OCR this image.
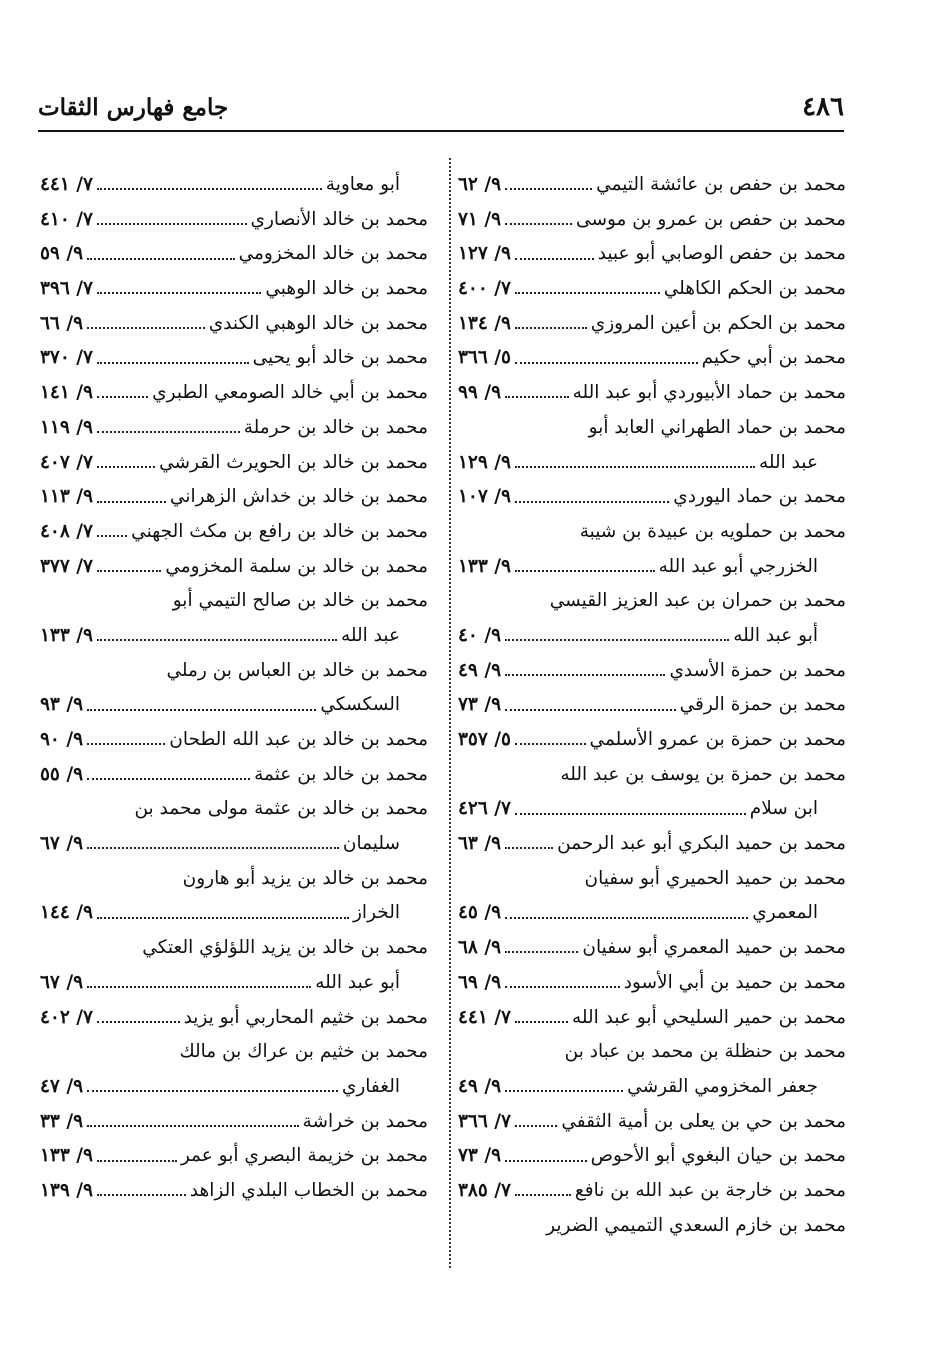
٤٨٦
جامع فهارس الثقات
محمد بن حفص بن عائشة التيمي
٩/ ٦٢
محمد بن حفص بن عمرو بن موسى
٩/ ٧١
محمد بن حفص الوصابي أبو عبيد
٩/ ١٢٧
محمد بن الحكم الكاهلي
٧/ ٤٠٠
محمد بن الحكم بن أعين المروزي
٩/ ١٣٤
محمد بن أبي حكيم
٥/ ٣٦٦
محمد بن حماد الأبيوردي أبو عبد الله
٩/ ٩٩
محمد بن حماد الطهراني العابد أبو
عبد الله
٩/ ١٢٩
محمد بن حماد اليوردي
٩/ ١٠٧
محمد بن حملويه بن عبيدة بن شيبة
الخزرجي أبو عبد الله
٩/ ١٣٣
محمد بن حمران بن عبد العزيز القيسي
أبو عبد الله
٩/ ٤٠
محمد بن حمزة الأسدي
٩/ ٤٩
محمد بن حمزة الرقي
٩/ ٧٣
محمد بن حمزة بن عمرو الأسلمي
٥/ ٣٥٧
محمد بن حمزة بن يوسف بن عبد الله
ابن سلام
٧/ ٤٢٦
محمد بن حميد البكري أبو عبد الرحمن
٩/ ٦٣
محمد بن حميد الحميري أبو سفيان
المعمري
٩/ ٤٥
محمد بن حميد المعمري أبو سفيان
٩/ ٦٨
محمد بن حميد بن أبي الأسود
٩/ ٦٩
محمد بن حمير السليحي أبو عبد الله
٧/ ٤٤١
محمد بن حنظلة بن محمد بن عباد بن
جعفر المخزومي القرشي
٩/ ٤٩
محمد بن حي بن يعلى بن أمية الثقفي
٧/ ٣٦٦
محمد بن حيان البغوي أبو الأحوص
٩/ ٧٣
محمد بن خارجة بن عبد الله بن نافع
٧/ ٣٨٥
محمد بن خازم السعدي التميمي الضرير
أبو معاوية
٧/ ٤٤١
محمد بن خالد الأنصاري
٧/ ٤١٠
محمد بن خالد المخزومي
٩/ ٥٩
محمد بن خالد الوهبي
٧/ ٣٩٦
محمد بن خالد الوهبي الكندي
٩/ ٦٦
محمد بن خالد أبو يحيى
٧/ ٣٧٠
محمد بن أبي خالد الصومعي الطبري
٩/ ١٤١
محمد بن خالد بن حرملة
٩/ ١١٩
محمد بن خالد بن الحويرث القرشي
٧/ ٤٠٧
محمد بن خالد بن خداش الزهراني
٩/ ١١٣
محمد بن خالد بن رافع بن مكث الجهني
٧/ ٤٠٨
محمد بن خالد بن سلمة المخزومي
٧/ ٣٧٧
محمد بن خالد بن صالح التيمي أبو
عبد الله
٩/ ١٣٣
محمد بن خالد بن العباس بن رملي
السكسكي
٩/ ٩٣
محمد بن خالد بن عبد الله الطحان
٩/ ٩٠
محمد بن خالد بن عثمة
٩/ ٥٥
محمد بن خالد بن عثمة مولى محمد بن
سليمان
٩/ ٦٧
محمد بن خالد بن يزيد أبو هارون
الخراز
٩/ ١٤٤
محمد بن خالد بن يزيد اللؤلؤي العتكي
أبو عبد الله
٩/ ٦٧
محمد بن خثيم المحاربي أبو يزيد
٧/ ٤٠٢
محمد بن خثيم بن عراك بن مالك
الغفاري
٩/ ٤٧
محمد بن خراشة
٩/ ٣٣
محمد بن خزيمة البصري أبو عمر
٩/ ١٣٣
محمد بن الخطاب البلدي الزاهد
٩/ ١٣٩
